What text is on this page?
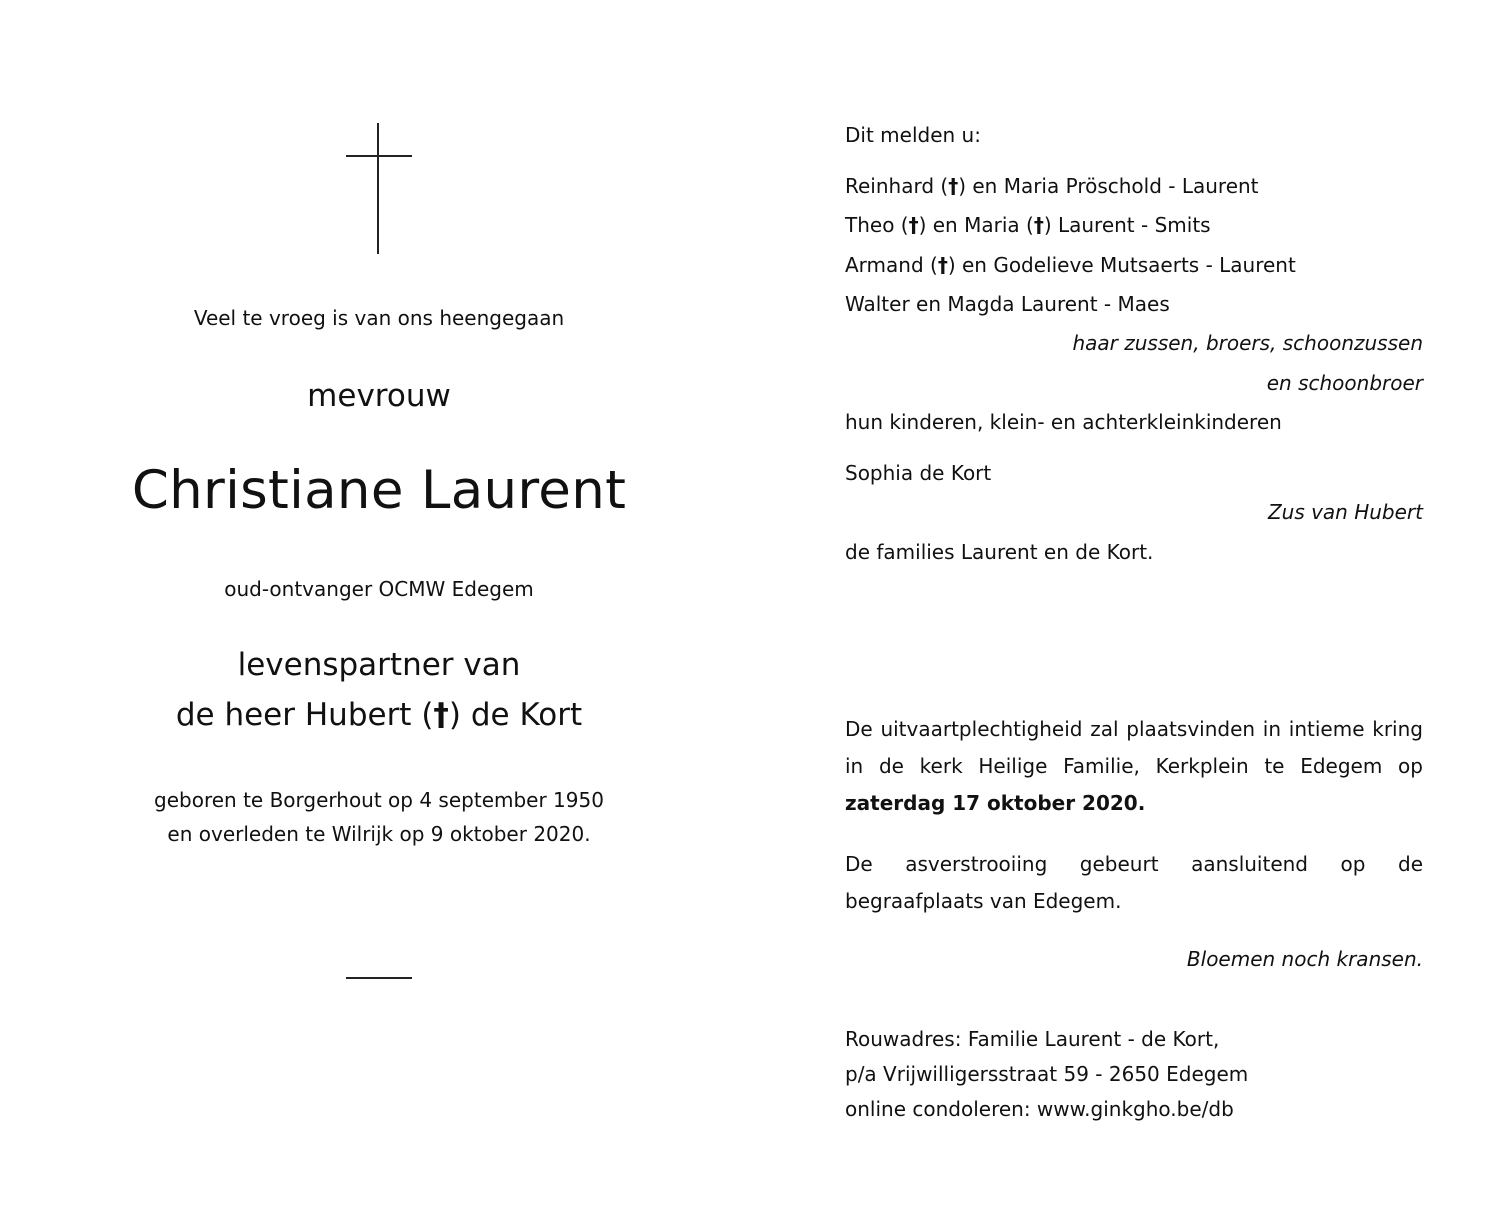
Veel te vroeg is van ons heengegaan
mevrouw
Christiane Laurent
oud-ontvanger OCMW Edegem
levenspartner van
de heer Hubert (†) de Kort
geboren te Borgerhout op 4 september 1950
en overleden te Wilrijk op 9 oktober 2020.
Dit melden u:
Reinhard (†) en Maria Pröschold - Laurent
Theo (†) en Maria (†) Laurent - Smits
Armand (†) en Godelieve Mutsaerts - Laurent
Walter en Magda Laurent - Maes
haar zussen, broers, schoonzussen
en schoonbroer
hun kinderen, klein- en achterkleinkinderen
Sophia de Kort
Zus van Hubert
de families Laurent en de Kort.
De uitvaartplechtigheid zal plaatsvinden in intieme kring in de kerk Heilige Familie, Kerkplein te Edegem op zaterdag 17 oktober 2020.
De asverstrooiing gebeurt aansluitend op de begraafplaats van Edegem.
Bloemen noch kransen.
Rouwadres: Familie Laurent - de Kort,
p/a Vrijwilligersstraat 59 - 2650 Edegem
online condoleren: www.ginkgho.be/db
